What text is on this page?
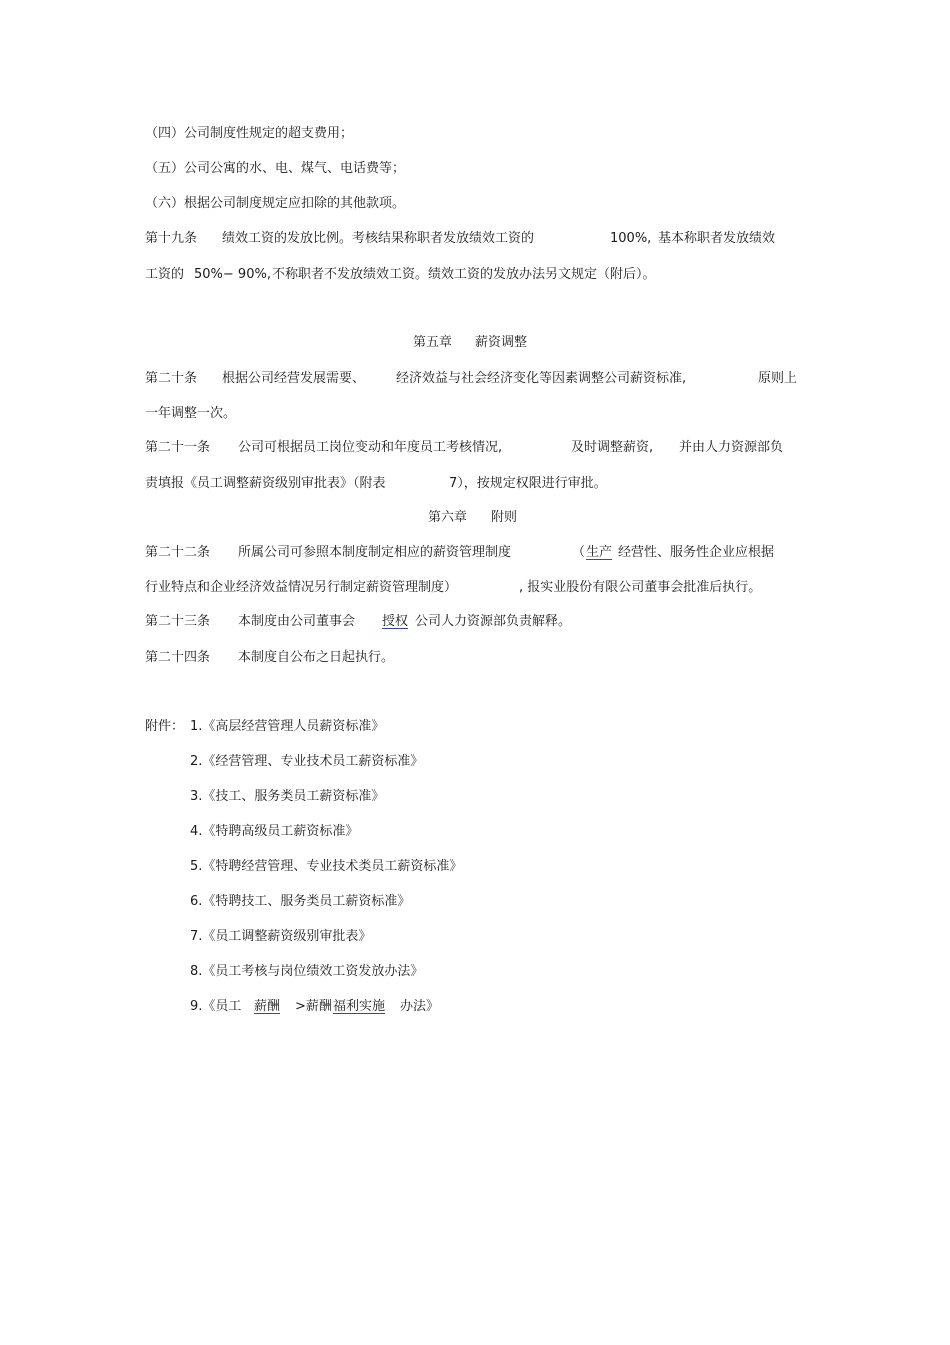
（四）公司制度性规定的超支费用；
（五）公司公寓的水、电、煤气、电话费等；
（六）根据公司制度规定应扣除的其他款项。
第十九条 绩效工资的发放比例。考核结果称职者发放绩效工资的	100%, 基本称职者发放绩效
工资的 50%− 90%, 不称职者不发放绩效工资。绩效工资的发放办法另文规定（附后）。
第五章 薪资调整
第二十条 根据公司经营发展需要、 经济效益与社会经济变化等因素调整公司薪资标准,	原则上
一年调整一次。
第二十一条 公司可根据员工岗位变动和年度员工考核情况,	及时调整薪资, 并由人力资源部负
责填报《员工调整薪资级别审批表》（附表	7），按规定权限进行审批。
第六章 附则
第二十二条 所属公司可参照本制度制定相应的薪资管理制度	（ 生产 经营性、服务性企业应根据
行业特点和企业经济效益情况另行制定薪资管理制度）	, 报实业股份有限公司董事会批准后执行。
第二十三条 本制度由公司董事会 授权 公司人力资源部负责解释。
第二十四条 本制度自公布之日起执行。
附件： 1.《高层经营管理人员薪资标准》
2.《经营管理、专业技术员工薪资标准》
3.《技工、服务类员工薪资标准》
4.《特聘高级员工薪资标准》
5.《特聘经营管理、专业技术类员工薪资标准》
6.《特聘技工、服务类员工薪资标准》
7.《员工调整薪资级别审批表》
8.《员工考核与岗位绩效工资发放办法》
9.《员工 薪酬 >薪酬 福利实施 办法》
